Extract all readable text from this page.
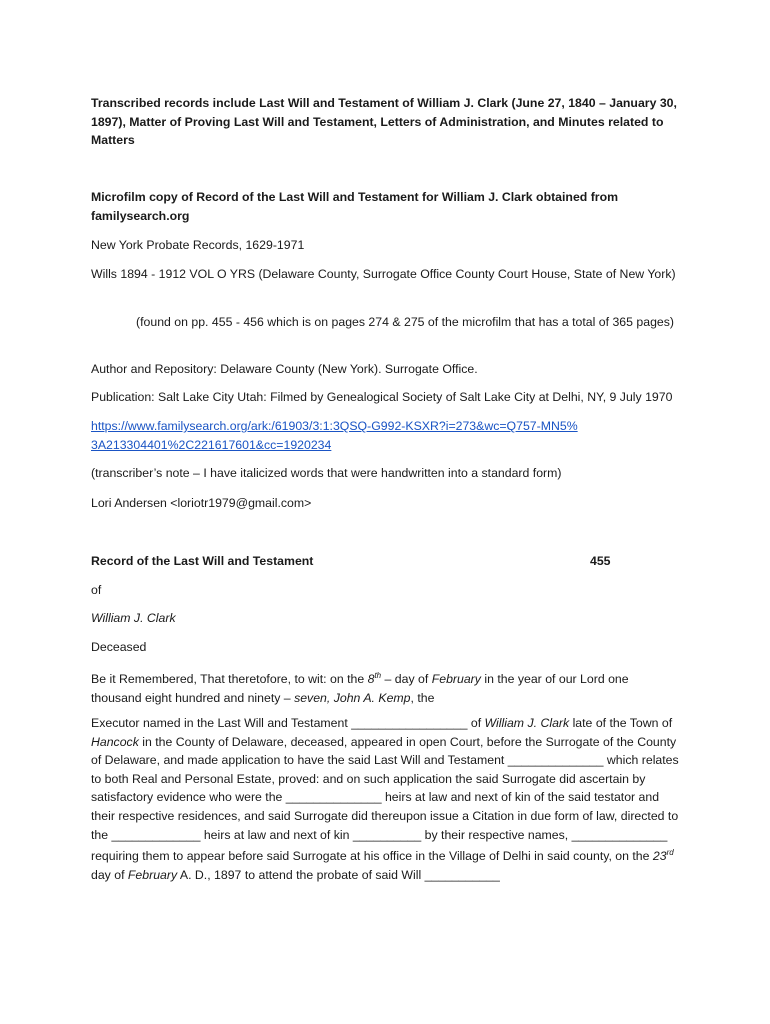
Transcribed records include Last Will and Testament of William J. Clark (June 27, 1840 – January 30, 1897), Matter of Proving Last Will and Testament, Letters of Administration, and Minutes related to Matters

Microfilm copy of Record of the Last Will and Testament for William J. Clark obtained from familysearch.org

New York Probate Records, 1629-1971

Wills 1894 - 1912 VOL O YRS (Delaware County, Surrogate Office County Court House, State of New York)

(found on pp. 455 - 456 which is on pages 274 & 275 of the microfilm that has a total of 365 pages)

Author and Repository: Delaware County (New York). Surrogate Office.

Publication: Salt Lake City Utah: Filmed by Genealogical Society of Salt Lake City at Delhi, NY, 9 July 1970

https://www.familysearch.org/ark:/61903/3:1:3QSQ-G992-KSXR?i=273&wc=Q757-MN5%3A213304401%2C221617601&cc=1920234

(transcriber’s note – I have italicized words that were handwritten into a standard form)

Lori Andersen <loriotr1979@gmail.com>

Record of the Last Will and Testament	455

of

William J. Clark

Deceased

Be it Remembered, That theretofore, to wit: on the 8th – day of February in the year of our Lord one thousand eight hundred and ninety – seven, John A. Kemp, the

Executor named in the Last Will and Testament _________________ of William J. Clark late of the Town of Hancock in the County of Delaware, deceased, appeared in open Court, before the Surrogate of the County of Delaware, and made application to have the said Last Will and Testament ______________ which relates to both Real and Personal Estate, proved: and on such application the said Surrogate did ascertain by satisfactory evidence who were the ______________ heirs at law and next of kin of the said testator and their respective residences, and said Surrogate did thereupon issue a Citation in due form of law, directed to the _____________ heirs at law and next of kin __________ by their respective names, ______________ requiring them to appear before said Surrogate at his office in the Village of Delhi in said county, on the 23rd day of February A. D., 1897 to attend the probate of said Will ___________
